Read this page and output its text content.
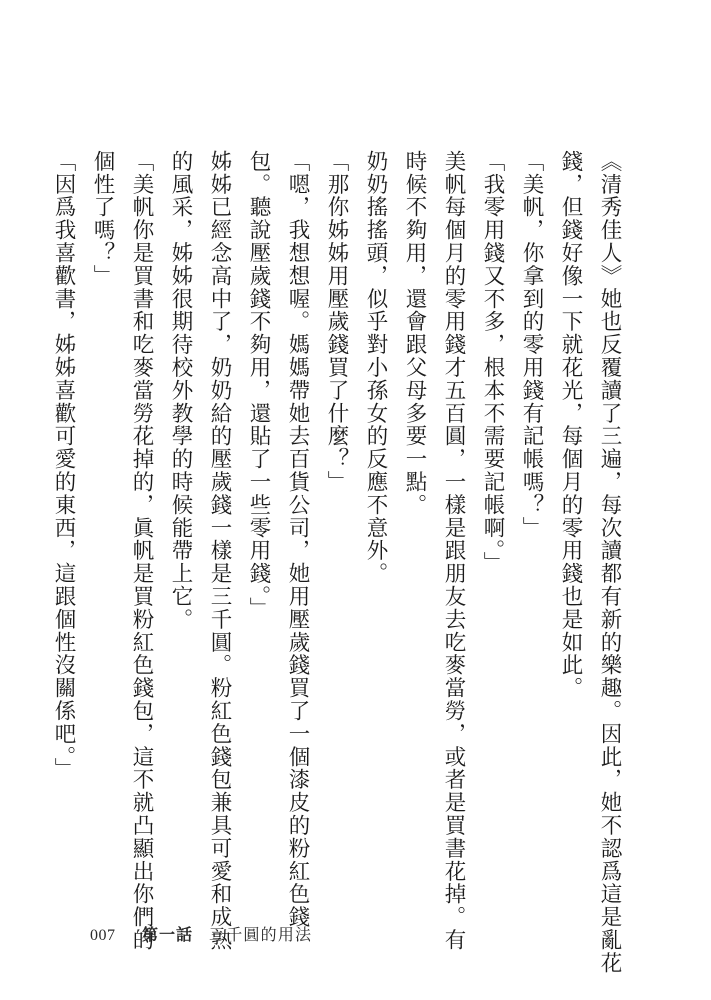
《清秀佳人》她也反覆讀了三遍，每次讀都有新的樂趣。因此，她不認爲這是亂花
錢，但錢好像一下就花光，每個月的零用錢也是如此。
「美帆，你拿到的零用錢有記帳嗎？」
「我零用錢又不多，根本不需要記帳啊。」
美帆每個月的零用錢才五百圓，一樣是跟朋友去吃麥當勞，或者是買書花掉。有
時候不夠用，還會跟父母多要一點。
奶奶搖搖頭，似乎對小孫女的反應不意外。
「那你姊姊用壓歲錢買了什麼？」
「嗯，我想想喔。媽媽帶她去百貨公司，她用壓歲錢買了一個漆皮的粉紅色錢
包。聽說壓歲錢不夠用，還貼了一些零用錢。」
姊姊已經念高中了，奶奶給的壓歲錢一樣是三千圓。粉紅色錢包兼具可愛和成熟
的風采，姊姊很期待校外教學的時候能帶上它。
「美帆你是買書和吃麥當勞花掉的，眞帆是買粉紅色錢包，這不就凸顯出你們的
個性了嗎？」
「因爲我喜歡書，姊姊喜歡可愛的東西，這跟個性沒關係吧。」
007	第一話 三千圓的用法
